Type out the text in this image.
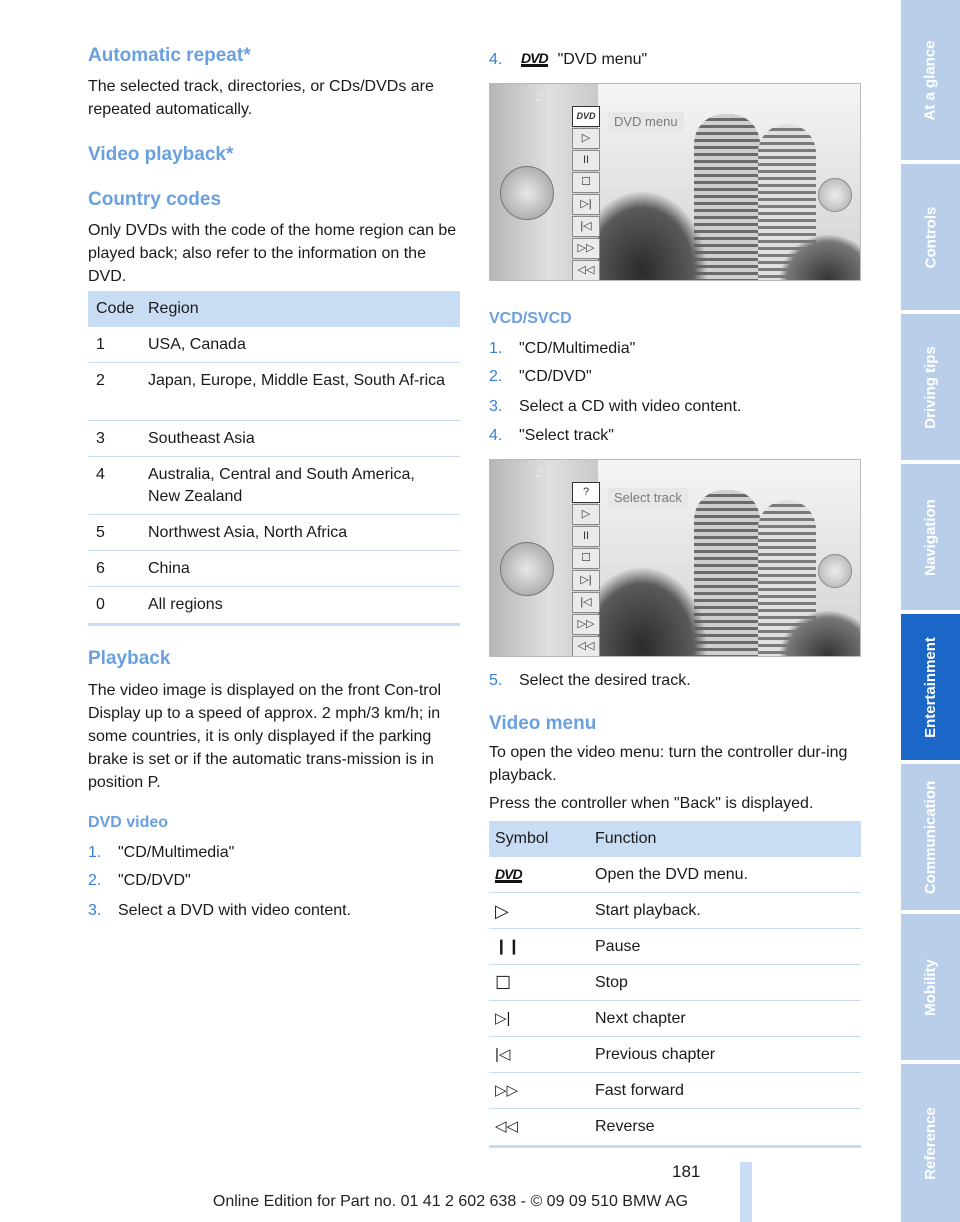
Automatic repeat*

The selected track, directories, or CDs/DVDs are repeated automatically.

Video playback*
Country codes

Only DVDs with the code of the home region can be played back; also refer to the information on the DVD.

Code Region
1	USA, Canada
2	Japan, Europe, Middle East, South Af-rica
3	Southeast Asia
4	Australia, Central and South America, New Zealand
5	Northwest Asia, North Africa
6	China
0	All regions
Playback

The video image is displayed on the front Con-trol Display up to a speed of approx. 2 mph/3 km/h; in some countries, it is only displayed if the parking brake is set or if the automatic trans-mission is in position P.

DVD video
1.	"CD/Multimedia"
2.	"CD/DVD"
3.	Select a DVD with video content.
4.	DVD "DVD menu"
♫
DVD
▷
II
☐
▷|
|◁
▷▷
◁◁
DVD menu
VCD/SVCD
1.	"CD/Multimedia"
2.	"CD/DVD"
3.	Select a CD with video content.
4.	"Select track"
♫
?
▷
II
☐
▷|
|◁
▷▷
◁◁
Select track
5.	Select the desired track.
Video menu

To open the video menu: turn the controller dur-ing playback.

Press the controller when "Back" is displayed.

Symbol	Function
DVD	Open the DVD menu.
▷	Start playback.
❙❙	Pause
☐	Stop
▷|	Next chapter
|◁	Previous chapter
▷▷	Fast forward
◁◁	Reverse
At a glance
Controls
Driving tips
Navigation
Entertainment
Communication
Mobility
Reference
181
Online Edition for Part no. 01 41 2 602 638 - © 09 09 510 BMW AG
